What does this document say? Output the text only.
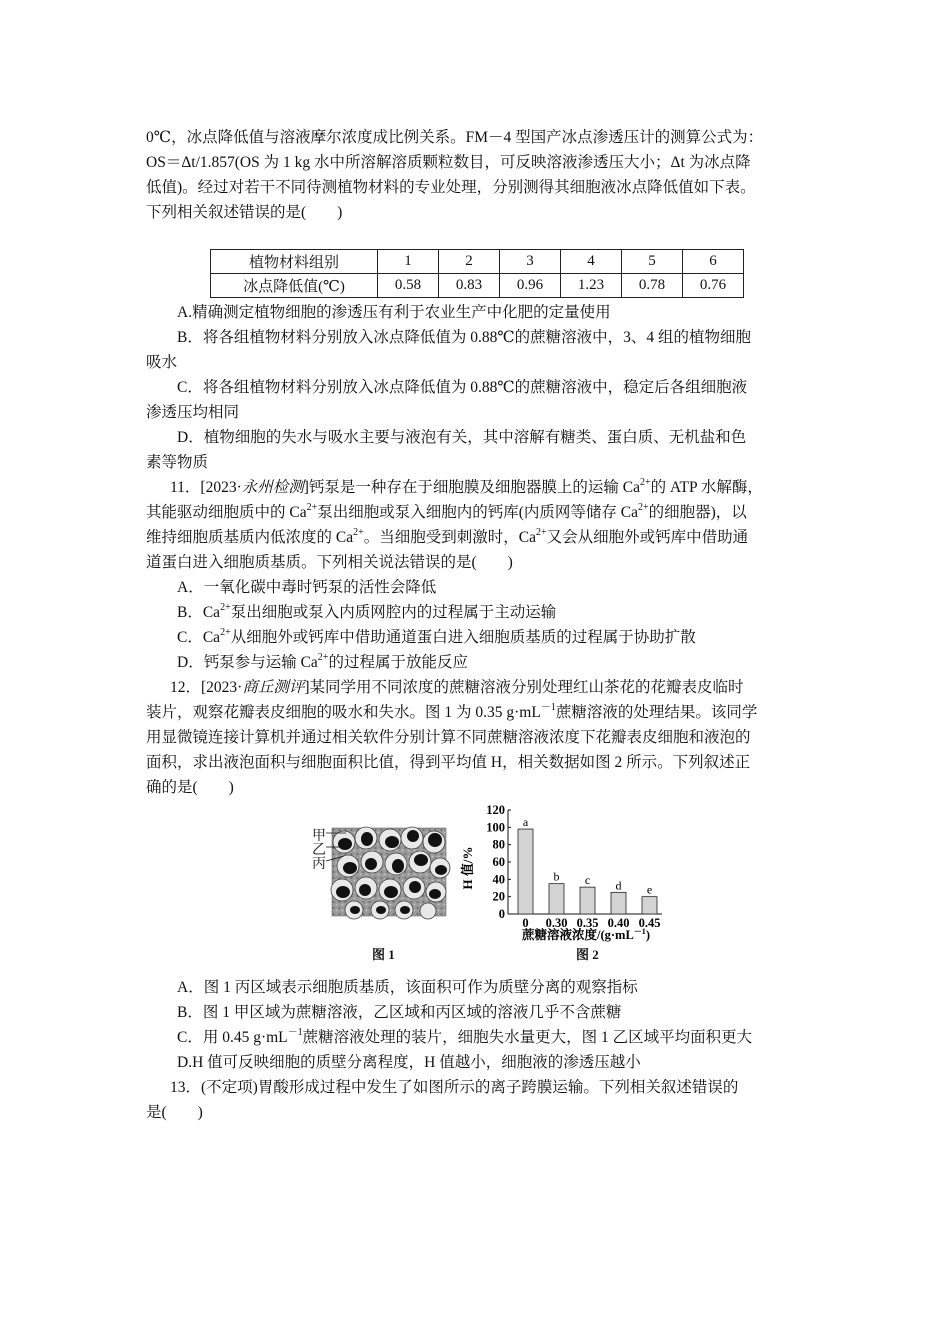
0℃，冰点降低值与溶液摩尔浓度成比例关系。FM－4 型国产冰点渗透压计的测算公式为：
OS＝Δt/1.857(OS 为 1 kg 水中所溶解溶质颗粒数目，可反映溶液渗透压大小；Δt 为冰点降
低值)。经过对若干不同待测植物材料的专业处理，分别测得其细胞液冰点降低值如下表。
下列相关叙述错误的是(　　)
植物材料组别	1	2	3	4	5	6
冰点降低值(℃)	0.58	0.83	0.96	1.23	0.78	0.76
A.精确测定植物细胞的渗透压有利于农业生产中化肥的定量使用
B．将各组植物材料分别放入冰点降低值为 0.88℃的蔗糖溶液中，3、4 组的植物细胞
吸水
C．将各组植物材料分别放入冰点降低值为 0.88℃的蔗糖溶液中，稳定后各组细胞液
渗透压均相同
D．植物细胞的失水与吸水主要与液泡有关，其中溶解有糖类、蛋白质、无机盐和色
素等物质
11．[2023·永州检测]钙泵是一种存在于细胞膜及细胞器膜上的运输 $Ca^{2+}$的 ATP 水解酶，
其能驱动细胞质中的 $Ca^{2+}$泵出细胞或泵入细胞内的钙库(内质网等储存 $Ca^{2+}$的细胞器)，以
维持细胞质基质内低浓度的 $Ca^{2+}$。当细胞受到刺激时，$Ca^{2+}$又会从细胞外或钙库中借助通
道蛋白进入细胞质基质。下列相关说法错误的是(　　)
A．一氧化碳中毒时钙泵的活性会降低
B．$Ca^{2+}$泵出细胞或泵入内质网腔内的过程属于主动运输
C．$Ca^{2+}$从细胞外或钙库中借助通道蛋白进入细胞质基质的过程属于协助扩散
D．钙泵参与运输 $Ca^{2+}$的过程属于放能反应
12．[2023·商丘测评]某同学用不同浓度的蔗糖溶液分别处理红山茶花的花瓣表皮临时
装片，观察花瓣表皮细胞的吸水和失水。图 1 为 0.35 $g\cdot mL^{-1}$蔗糖溶液的处理结果。该同学
用显微镜连接计算机并通过相关软件分别计算不同蔗糖溶液浓度下花瓣表皮细胞和液泡的
面积，求出液泡面积与细胞面积比值，得到平均值 H，相关数据如图 2 所示。下列叙述正
确的是(　　)
甲
乙
丙
图 1
120
100
80
60
40
20
0
0 0.30 0.35 0.40 0.45
a
b c d e
H 值/%
蔗糖溶液浓度$/(g\cdot mL^{-1})$
图 2
A．图 1 丙区域表示细胞质基质，该面积可作为质壁分离的观察指标
B．图 1 甲区域为蔗糖溶液，乙区域和丙区域的溶液几乎不含蔗糖
C．用 0.45 $g\cdot mL^{-1}$蔗糖溶液处理的装片，细胞失水量更大，图 1 乙区域平均面积更大
D.H 值可反映细胞的质壁分离程度，H 值越小，细胞液的渗透压越小
13．(不定项)胃酸形成过程中发生了如图所示的离子跨膜运输。下列相关叙述错误的
是(　　)
